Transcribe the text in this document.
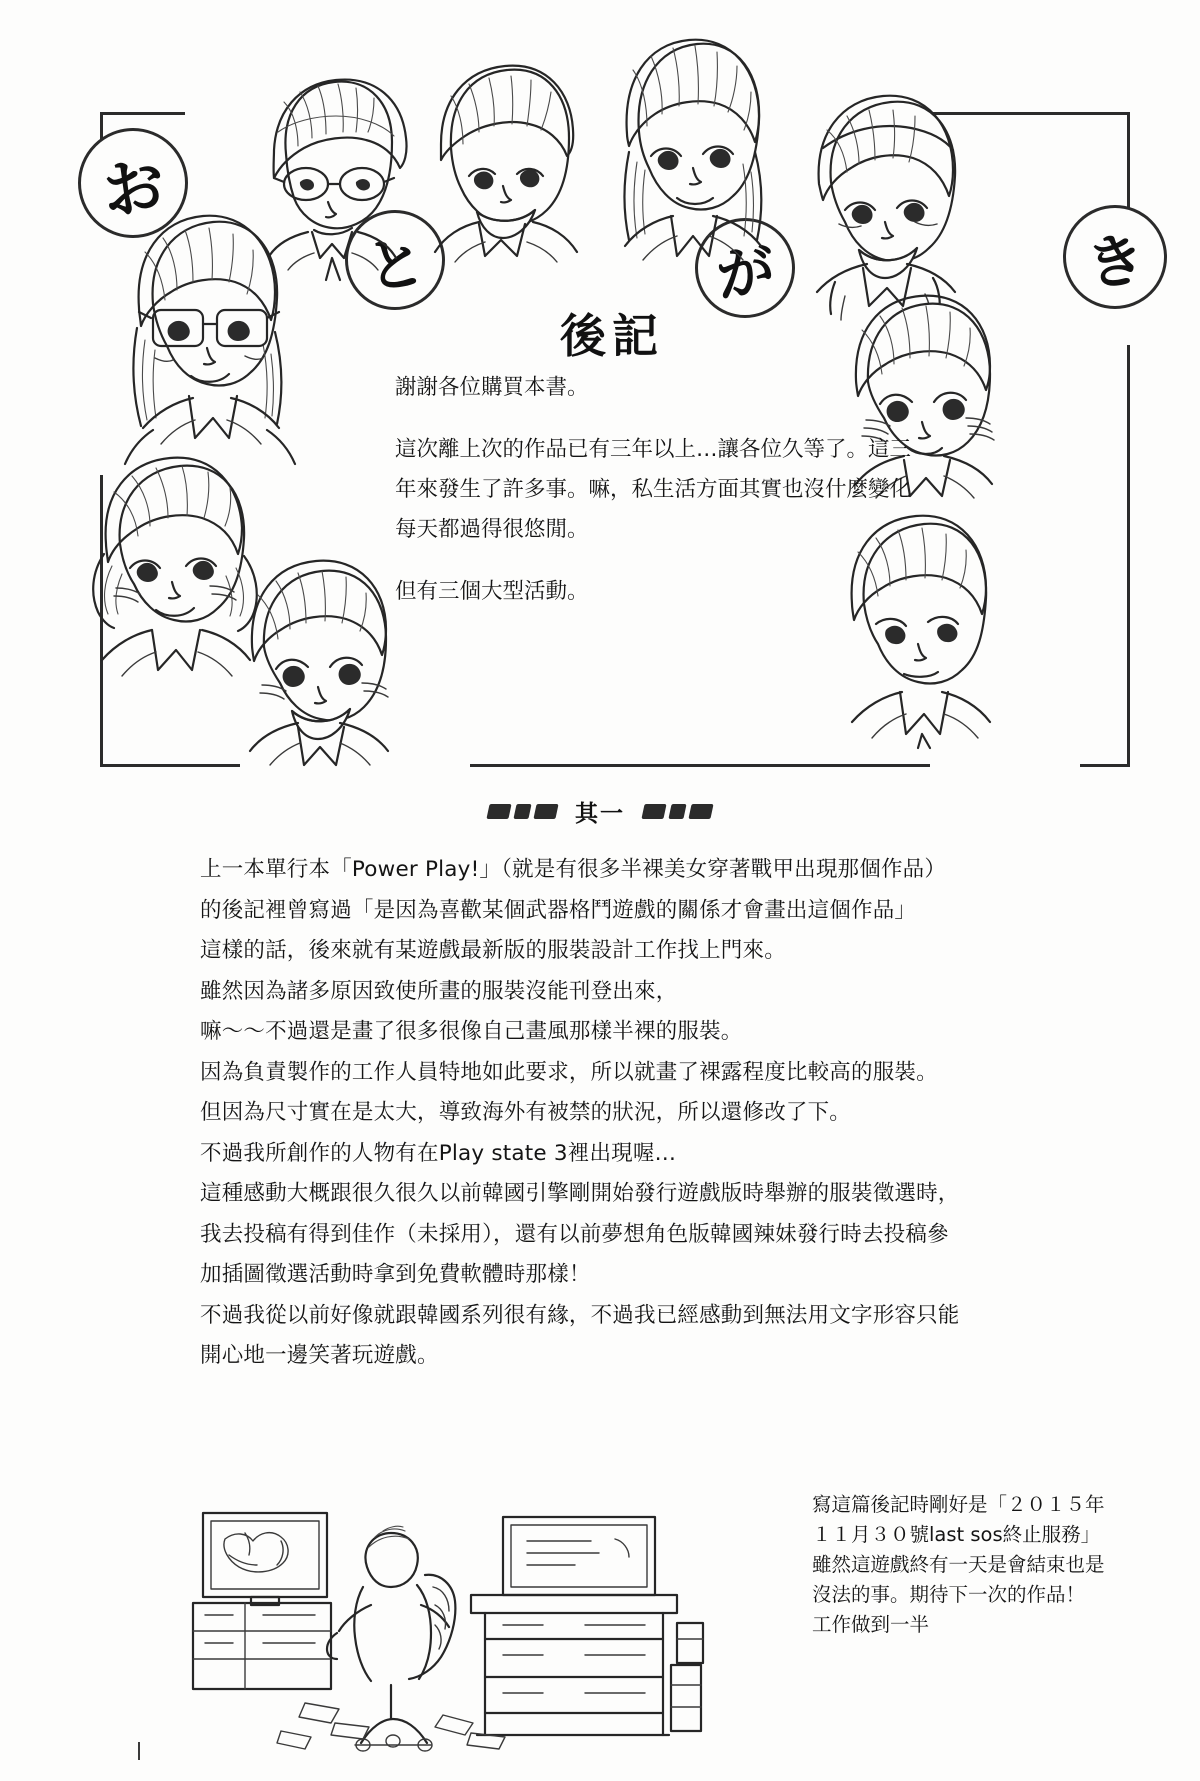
お
と	が	き
後記

謝謝各位購買本書。

這次離上次的作品已有三年以上…讓各位久等了。這三年來發生了許多事。嘛，私生活方面其實也沒什麼變化每天都過得很悠閒。

但有三個大型活動。

其一
上一本單行本「Power Play!」（就是有很多半裸美女穿著戰甲出現那個作品）
的後記裡曾寫過「是因為喜歡某個武器格鬥遊戲的關係才會畫出這個作品」
這樣的話，後來就有某遊戲最新版的服裝設計工作找上門來。
雖然因為諸多原因致使所畫的服裝沒能刊登出來，
嘛～～不過還是畫了很多很像自己畫風那樣半裸的服裝。
因為負責製作的工作人員特地如此要求，所以就畫了裸露程度比較高的服裝。
但因為尺寸實在是太大，導致海外有被禁的狀況，所以還修改了下。
不過我所創作的人物有在Play state 3裡出現喔…
這種感動大概跟很久很久以前韓國引擎剛開始發行遊戲版時舉辦的服裝徵選時，
我去投稿有得到佳作（未採用），還有以前夢想角色版韓國辣妹發行時去投稿參
加插圖徵選活動時拿到免費軟體時那樣！
不過我從以前好像就跟韓國系列很有緣，不過我已經感動到無法用文字形容只能
開心地一邊笑著玩遊戲。
寫這篇後記時剛好是「２０１５年
１１月３０號last sos終止服務」
雖然這遊戲終有一天是會結束也是
沒法的事。期待下一次的作品！
工作做到一半
